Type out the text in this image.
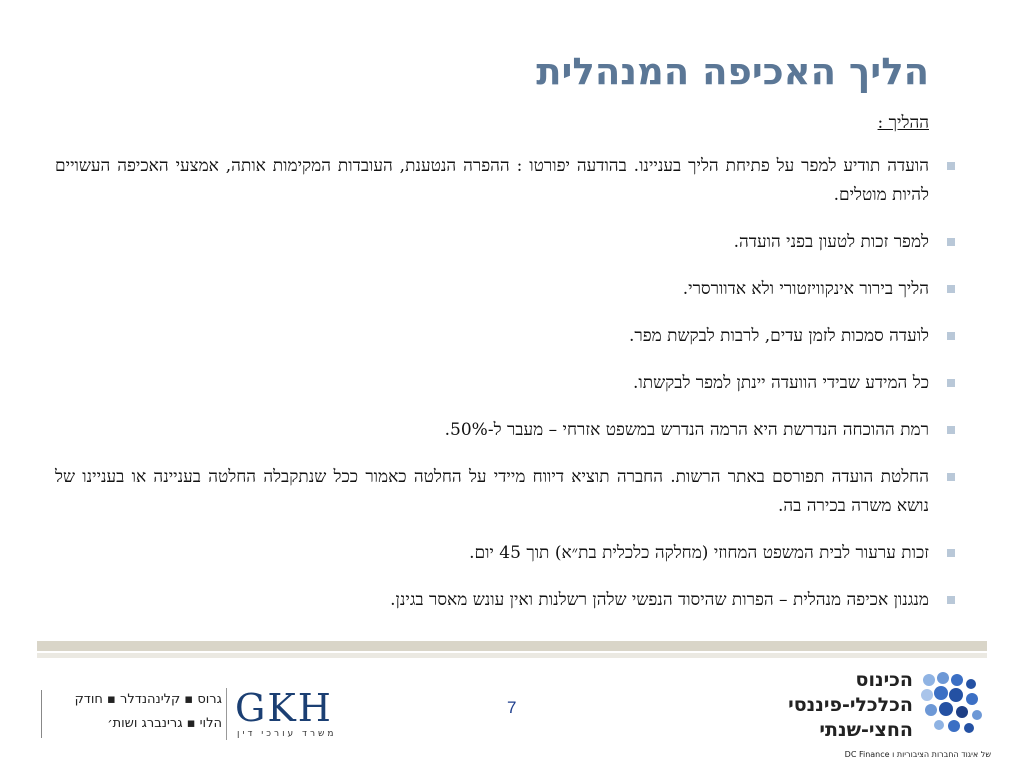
הליך האכיפה המנהלית
ההליך :
הועדה תודיע למפר על פתיחת הליך בעניינו. בהודעה יפורטו : ההפרה הנטענת, העובדות המקימות אותה, אמצעי האכיפה העשויים להיות מוטלים.
למפר זכות לטעון בפני הועדה.
הליך בירור אינקוויזטורי ולא אדוורסרי.
לועדה סמכות לזמן עדים, לרבות לבקשת מפר.
כל המידע שבידי הוועדה יינתן למפר לבקשתו.
רמת ההוכחה הנדרשת היא הרמה הנדרש במשפט אזרחי – מעבר ל-50%.
החלטת הועדה תפורסם באתר הרשות. החברה תוציא דיווח מיידי על החלטה כאמור ככל שנתקבלה החלטה בעניינה או בעניינו של נושא משרה בכירה בה.
זכות ערעור לבית המשפט המחוזי (מחלקה כלכלית בת״א) תוך 45 יום.
מנגנון אכיפה מנהלית – הפרות שהיסוד הנפשי שלהן רשלנות ואין עונש מאסר בגינן.
גרוס ▪ קלינהנדלר ▪ חודק
הלוי ▪ גרינברג ושות׳ GKH
משרד עורכי דין
7
הכינוס
הכלכלי-פיננסי
החצי-שנתי
של איגוד החברות הציבוריות ו DC Finance
